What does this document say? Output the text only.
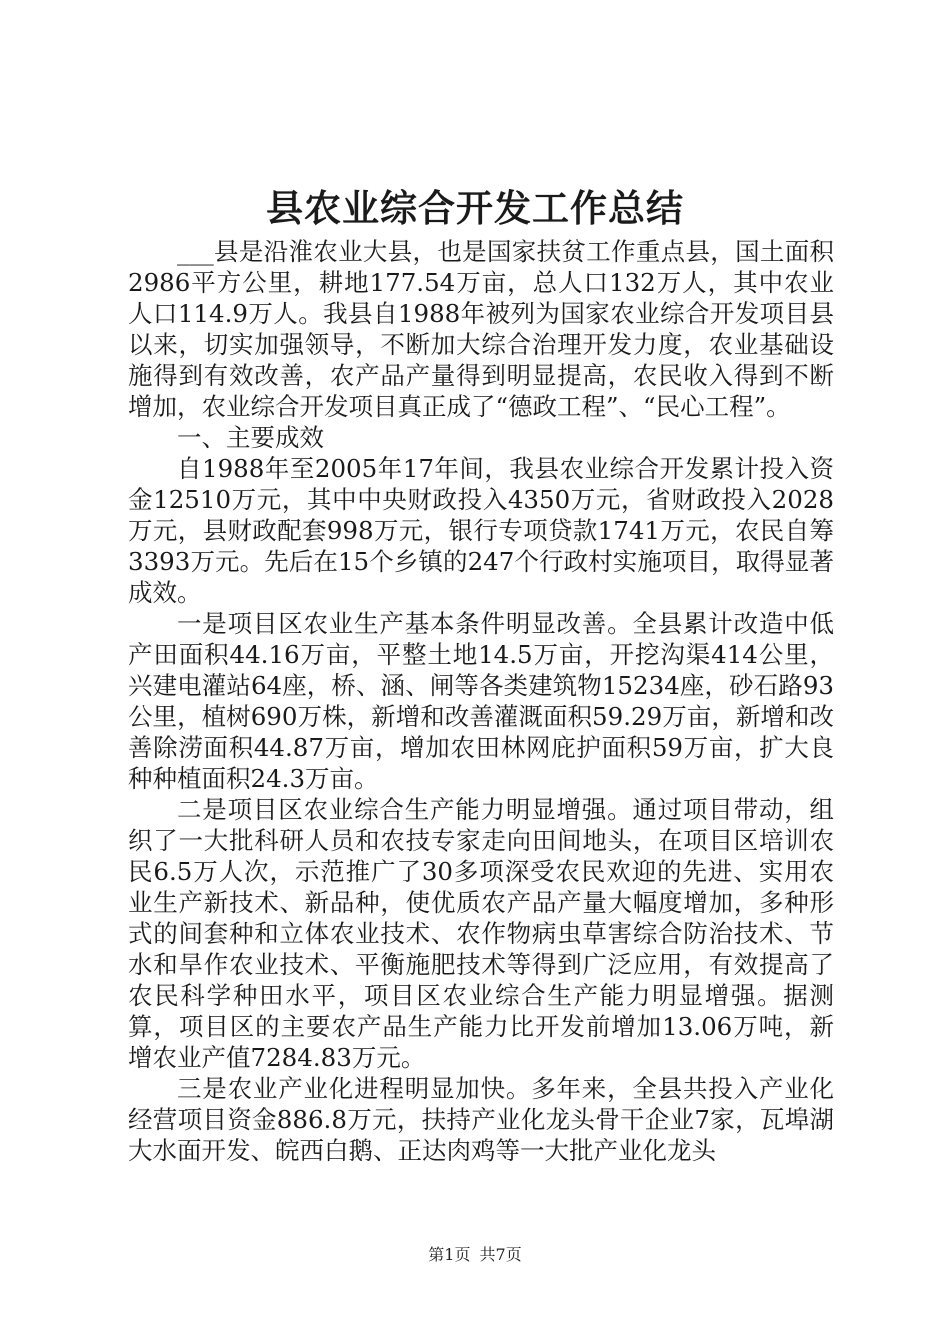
县农业综合开发工作总结

___县是沿淮农业大县，也是国家扶贫工作重点县，国土面积2986平方公里，耕地177.54万亩，总人口132万人，其中农业人口114.9万人。我县自1988年被列为国家农业综合开发项目县以来，切实加强领导，不断加大综合治理开发力度，农业基础设施得到有效改善，农产品产量得到明显提高，农民收入得到不断增加，农业综合开发项目真正成了“德政工程”、“民心工程”。

一、主要成效

自1988年至2005年17年间，我县农业综合开发累计投入资金12510万元，其中中央财政投入4350万元，省财政投入2028万元，县财政配套998万元，银行专项贷款1741万元，农民自筹3393万元。先后在15个乡镇的247个行政村实施项目，取得显著成效。

一是项目区农业生产基本条件明显改善。全县累计改造中低产田面积44.16万亩，平整土地14.5万亩，开挖沟渠414公里，兴建电灌站64座，桥、涵、闸等各类建筑物15234座，砂石路93公里，植树690万株，新增和改善灌溉面积59.29万亩，新增和改善除涝面积44.87万亩，增加农田林网庇护面积59万亩，扩大良种种植面积24.3万亩。

二是项目区农业综合生产能力明显增强。通过项目带动，组织了一大批科研人员和农技专家走向田间地头，在项目区培训农民6.5万人次，示范推广了30多项深受农民欢迎的先进、实用农业生产新技术、新品种，使优质农产品产量大幅度增加，多种形式的间套种和立体农业技术、农作物病虫草害综合防治技术、节水和旱作农业技术、平衡施肥技术等得到广泛应用，有效提高了农民科学种田水平，项目区农业综合生产能力明显增强。据测算，项目区的主要农产品生产能力比开发前增加13.06万吨，新增农业产值7284.83万元。

三是农业产业化进程明显加快。多年来，全县共投入产业化经营项目资金886.8万元，扶持产业化龙头骨干企业7家，瓦埠湖大水面开发、皖西白鹅、正达肉鸡等一大批产业化龙头

第1页 共7页
